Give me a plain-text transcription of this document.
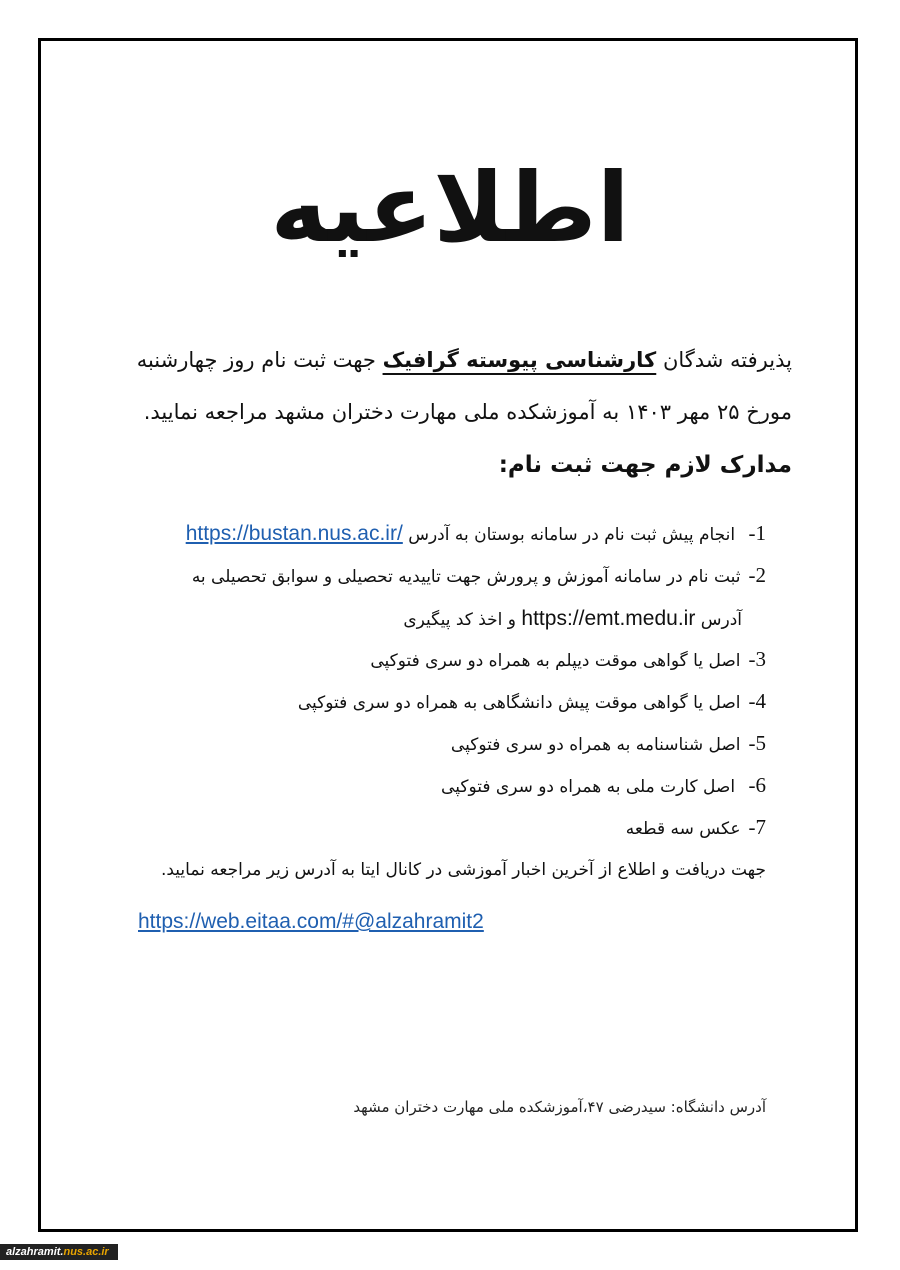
اطلاعیه
پذیرفته شدگان کارشناسی پیوسته گرافیک جهت ثبت نام روز چهارشنبه مورخ ۲۵ مهر ۱۴۰۳ به آموزشکده ملی مهارت دختران مشهد مراجعه نمایید.
مدارک لازم جهت ثبت نام:
1- انجام پیش ثبت نام در سامانه بوستان به آدرس https://bustan.nus.ac.ir/
2-ثبت نام در سامانه آموزش و پرورش جهت تاییدیه تحصیلی و سوابق تحصیلی به
آدرس https://emt.medu.ir و اخذ کد پیگیری
3-اصل یا گواهی موقت دیپلم به همراه دو سری فتوکپی
4-اصل یا گواهی موقت پیش دانشگاهی به همراه دو سری فتوکپی
5-اصل شناسنامه به همراه دو سری فتوکپی
6- اصل کارت ملی به همراه دو سری فتوکپی
7-عکس سه قطعه
جهت دریافت و اطلاع از آخرین اخبار آموزشی در کانال ایتا به آدرس زیر مراجعه نمایید.
https://web.eitaa.com/#@alzahramit2
آدرس دانشگاه: سیدرضی ۴۷،آموزشکده ملی مهارت دختران مشهد
alzahramit.nus.ac.ir
